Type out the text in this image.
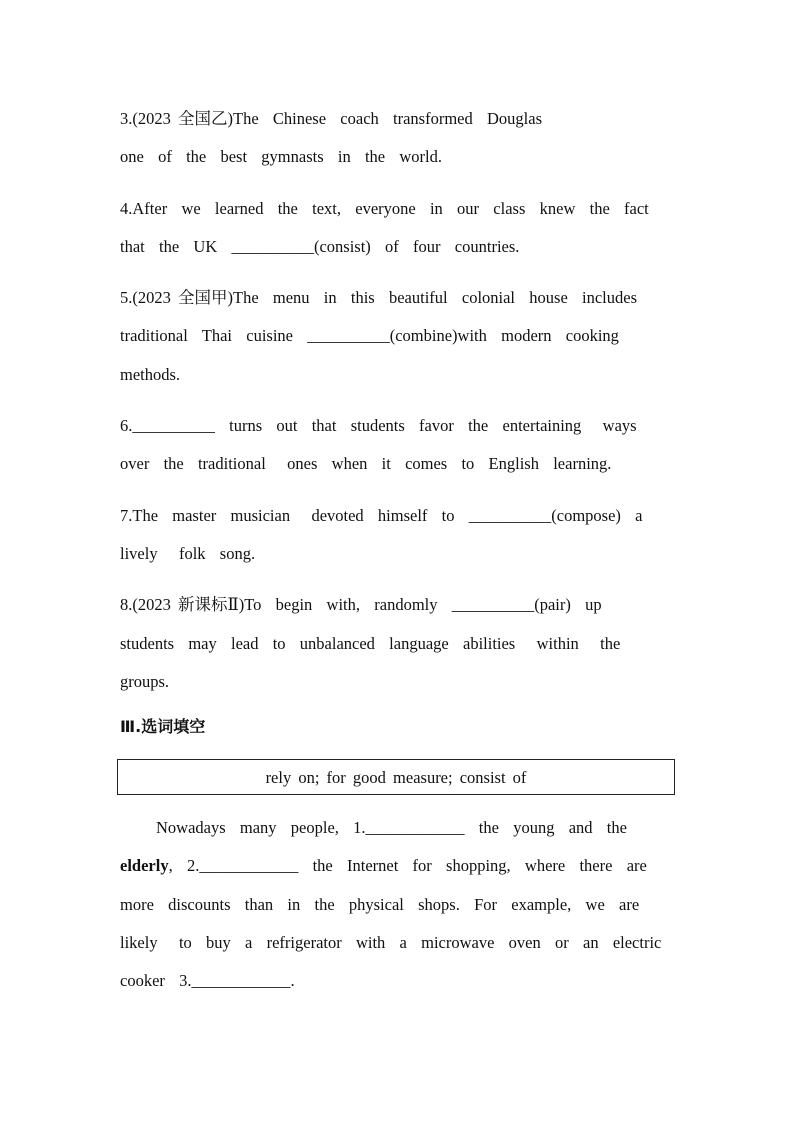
3.(2023 全国乙)The  Chinese  coach  transformed  Douglas
one  of  the  best  gymnasts  in  the  world.
4.After  we  learned  the  text,  everyone  in  our  class  knew  the  fact
that  the  UK  __________(consist)  of  four  countries.
5.(2023 全国甲)The  menu  in  this  beautiful  colonial  house  includes
traditional  Thai  cuisine  __________(combine)with  modern  cooking
methods.
6.__________  turns  out  that  students  favor  the  entertaining   ways
over  the  traditional   ones  when  it  comes  to  English  learning.
7.The  master  musician   devoted  himself  to  __________(compose)  a
lively   folk  song.
8.(2023 新课标Ⅱ)To  begin  with,  randomly  __________(pair)  up
students  may  lead  to  unbalanced  language  abilities   within   the
groups.
Ⅲ.选词填空
rely on; for good measure; consist of
Nowadays  many  people,  1.____________  the  young  and  the
elderly,  2.____________  the  Internet  for  shopping,  where  there  are
more  discounts  than  in  the  physical  shops.  For  example,  we  are
likely   to  buy  a  refrigerator  with  a  microwave  oven  or  an  electric
cooker  3.____________.
